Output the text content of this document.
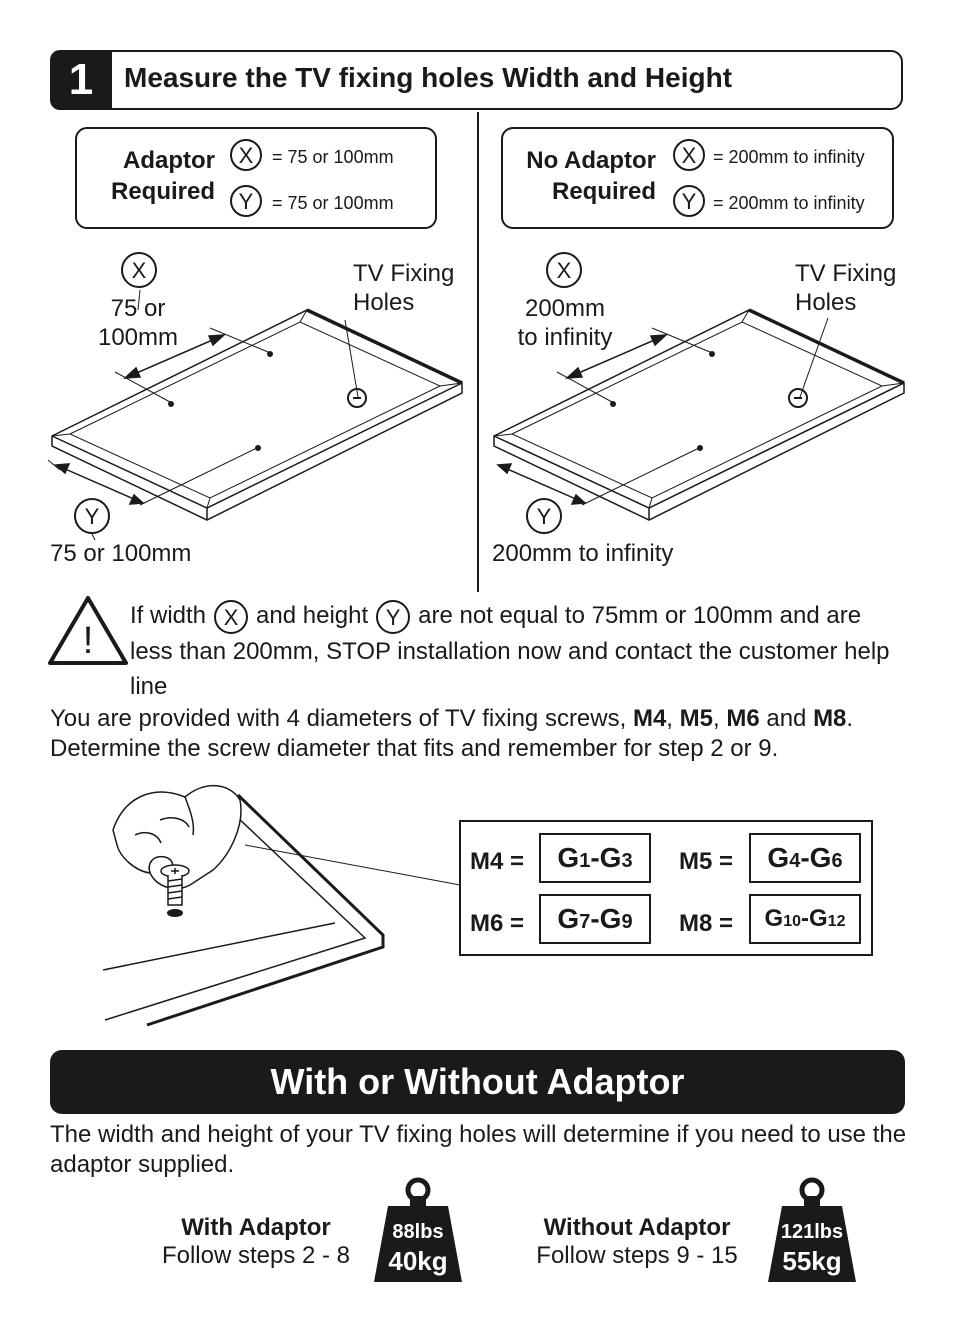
1	Measure the TV fixing holes Width and Height
Adaptor
Required
X	= 75 or 100mm
Y	= 75 or 100mm
No Adaptor
Required
X = 200mm to infinity
Y = 200mm to infinity
X
75 or
100mm
TV Fixing
Holes
Y
75 or 100mm
X
200mm
to infinity
TV Fixing
Holes
Y
200mm to infinity
!
If width X and height Y are not equal to 75mm or 100mm and are less than 200mm, STOP installation now and contact the customer help line
You are provided with 4 diameters of TV fixing screws, M4, M5, M6 and M8. Determine the screw diameter that fits and remember for step 2 or 9.
M4 =	G1-G3	M5 =	G4-G6
M6 =	G7-G9	M8 =	G10-G12
With or Without Adaptor
The width and height of your TV fixing holes will determine if you need to use the adaptor supplied.
With Adaptor
Follow steps 2 - 8
88lbs
40kg
Without Adaptor
Follow steps 9 - 15
121lbs
55kg
